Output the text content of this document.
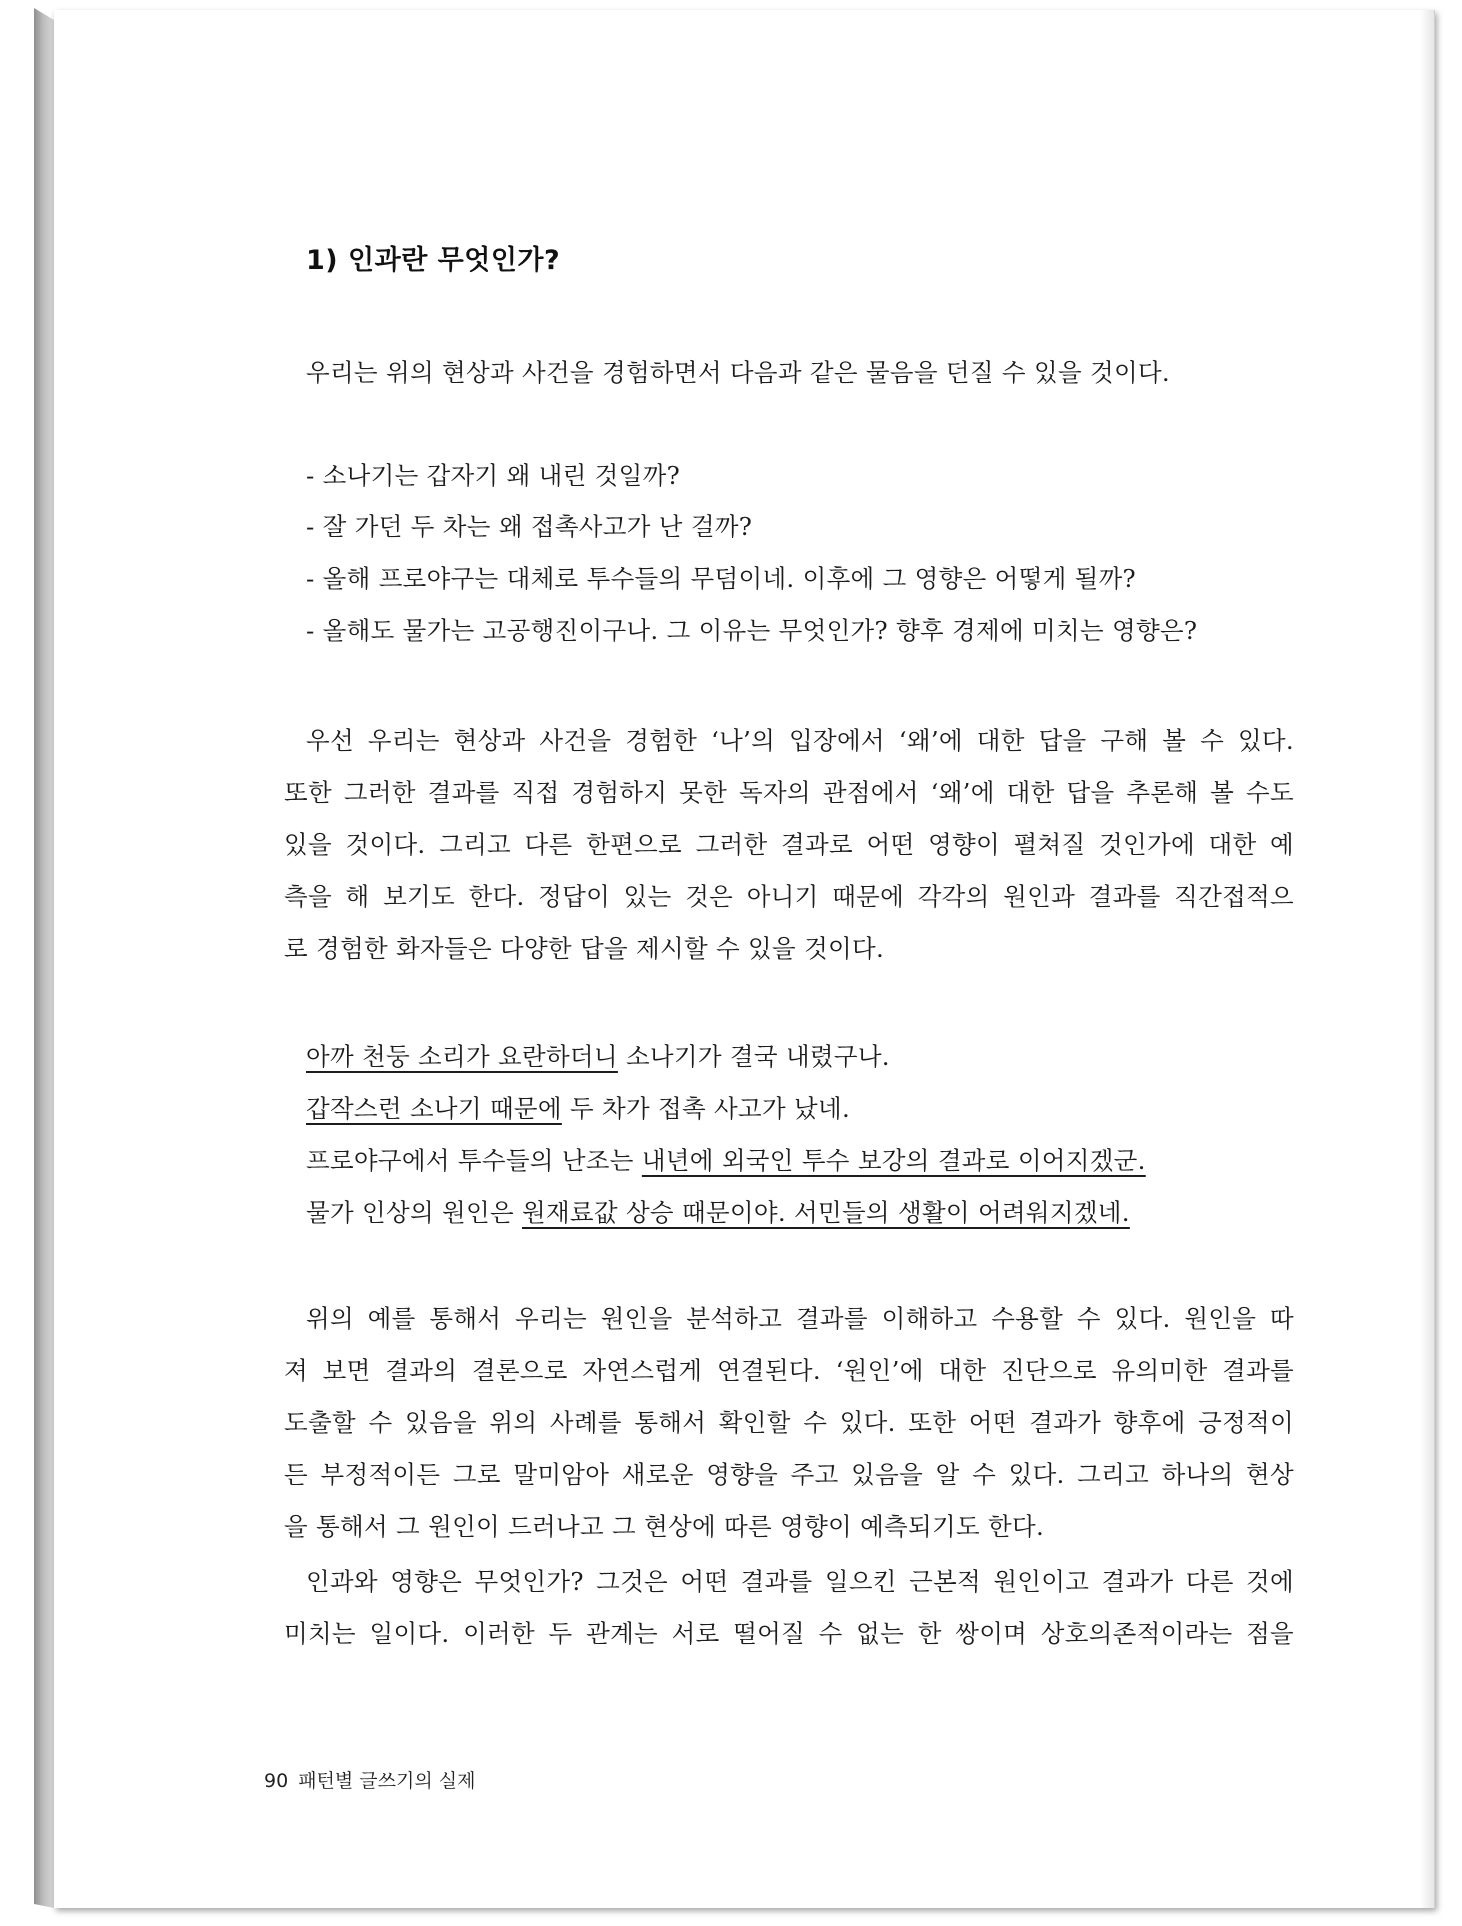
1) 인과란 무엇인가?
우리는 위의 현상과 사건을 경험하면서 다음과 같은 물음을 던질 수 있을 것이다.
- 소나기는 갑자기 왜 내린 것일까?
- 잘 가던 두 차는 왜 접촉사고가 난 걸까?
- 올해 프로야구는 대체로 투수들의 무덤이네. 이후에 그 영향은 어떻게 될까?
- 올해도 물가는 고공행진이구나. 그 이유는 무엇인가? 향후 경제에 미치는 영향은?
우선 우리는 현상과 사건을 경험한 ‘나’의 입장에서 ‘왜’에 대한 답을 구해 볼 수 있다.
또한 그러한 결과를 직접 경험하지 못한 독자의 관점에서 ‘왜’에 대한 답을 추론해 볼 수도
있을 것이다. 그리고 다른 한편으로 그러한 결과로 어떤 영향이 펼쳐질 것인가에 대한 예
측을 해 보기도 한다. 정답이 있는 것은 아니기 때문에 각각의 원인과 결과를 직간접적으
로 경험한 화자들은 다양한 답을 제시할 수 있을 것이다.
아까 천둥 소리가 요란하더니 소나기가 결국 내렸구나.
갑작스런 소나기 때문에 두 차가 접촉 사고가 났네.
프로야구에서 투수들의 난조는 내년에 외국인 투수 보강의 결과로 이어지겠군.
물가 인상의 원인은 원재료값 상승 때문이야. 서민들의 생활이 어려워지겠네.
위의 예를 통해서 우리는 원인을 분석하고 결과를 이해하고 수용할 수 있다. 원인을 따
져 보면 결과의 결론으로 자연스럽게 연결된다. ‘원인’에 대한 진단으로 유의미한 결과를
도출할 수 있음을 위의 사례를 통해서 확인할 수 있다. 또한 어떤 결과가 향후에 긍정적이
든 부정적이든 그로 말미암아 새로운 영향을 주고 있음을 알 수 있다. 그리고 하나의 현상
을 통해서 그 원인이 드러나고 그 현상에 따른 영향이 예측되기도 한다.
인과와 영향은 무엇인가? 그것은 어떤 결과를 일으킨 근본적 원인이고 결과가 다른 것에
미치는 일이다. 이러한 두 관계는 서로 떨어질 수 없는 한 쌍이며 상호의존적이라는 점을
90 패턴별 글쓰기의 실제
